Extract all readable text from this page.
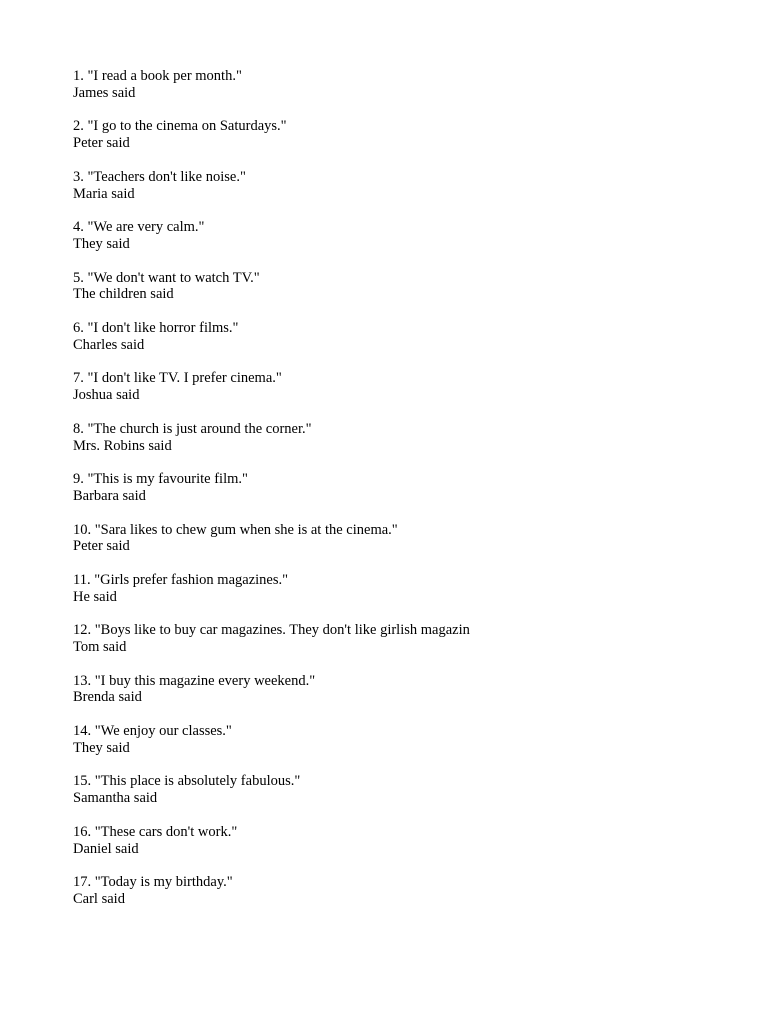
1. "I read a book per month."
James said
2. "I go to the cinema on Saturdays."
Peter said
3. "Teachers don't like noise."
Maria said
4. "We are very calm."
They said
5. "We don't want to watch TV."
The children said
6. "I don't like horror films."
Charles said
7. "I don't like TV. I prefer cinema."
Joshua said
8. "The church is just around the corner."
Mrs. Robins said
9. "This is my favourite film."
Barbara said
10. "Sara likes to chew gum when she is at the cinema."
Peter said
11. "Girls prefer fashion magazines."
He said
12. "Boys like to buy car magazines. They don't like girlish magazin
Tom said
13. "I buy this magazine every weekend."
Brenda said
14. "We enjoy our classes."
They said
15. "This place is absolutely fabulous."
Samantha said
16. "These cars don't work."
Daniel said
17. "Today is my birthday."
Carl said
